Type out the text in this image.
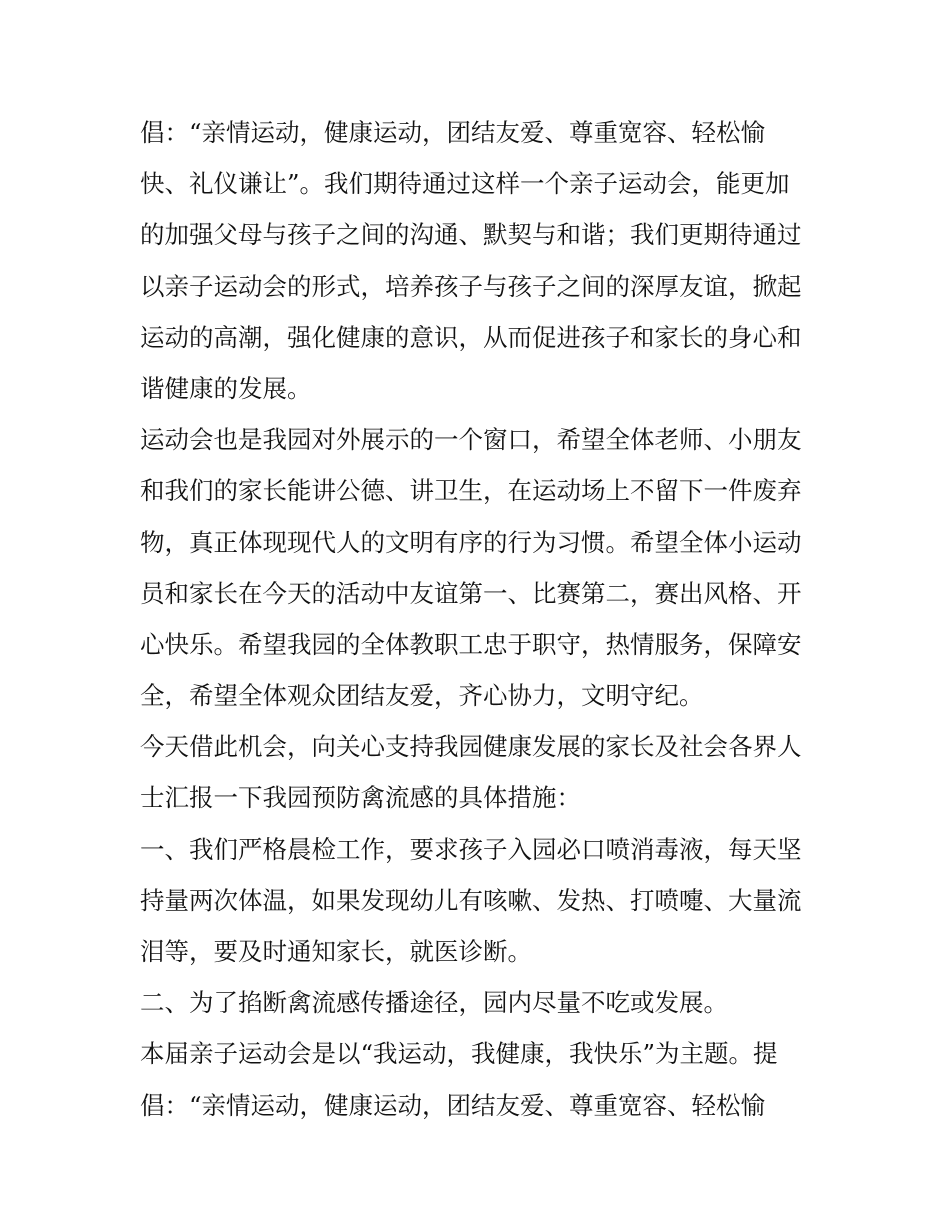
倡：“亲情运动，健康运动，团结友爱、尊重宽容、轻松愉
快、礼仪谦让”。我们期待通过这样一个亲子运动会，能更加
的加强父母与孩子之间的沟通、默契与和谐；我们更期待通过
以亲子运动会的形式，培养孩子与孩子之间的深厚友谊，掀起
运动的高潮，强化健康的意识，从而促进孩子和家长的身心和
谐健康的发展。
运动会也是我园对外展示的一个窗口，希望全体老师、小朋友
和我们的家长能讲公德、讲卫生，在运动场上不留下一件废弃
物，真正体现现代人的文明有序的行为习惯。希望全体小运动
员和家长在今天的活动中友谊第一、比赛第二，赛出风格、开
心快乐。希望我园的全体教职工忠于职守，热情服务，保障安
全，希望全体观众团结友爱，齐心协力，文明守纪。
今天借此机会，向关心支持我园健康发展的家长及社会各界人
士汇报一下我园预防禽流感的具体措施：
一、我们严格晨检工作，要求孩子入园必口喷消毒液，每天坚
持量两次体温，如果发现幼儿有咳嗽、发热、打喷嚏、大量流
泪等，要及时通知家长，就医诊断。
二、为了掐断禽流感传播途径，园内尽量不吃或发展。
本届亲子运动会是以“我运动，我健康，我快乐”为主题。提
倡：“亲情运动，健康运动，团结友爱、尊重宽容、轻松愉
